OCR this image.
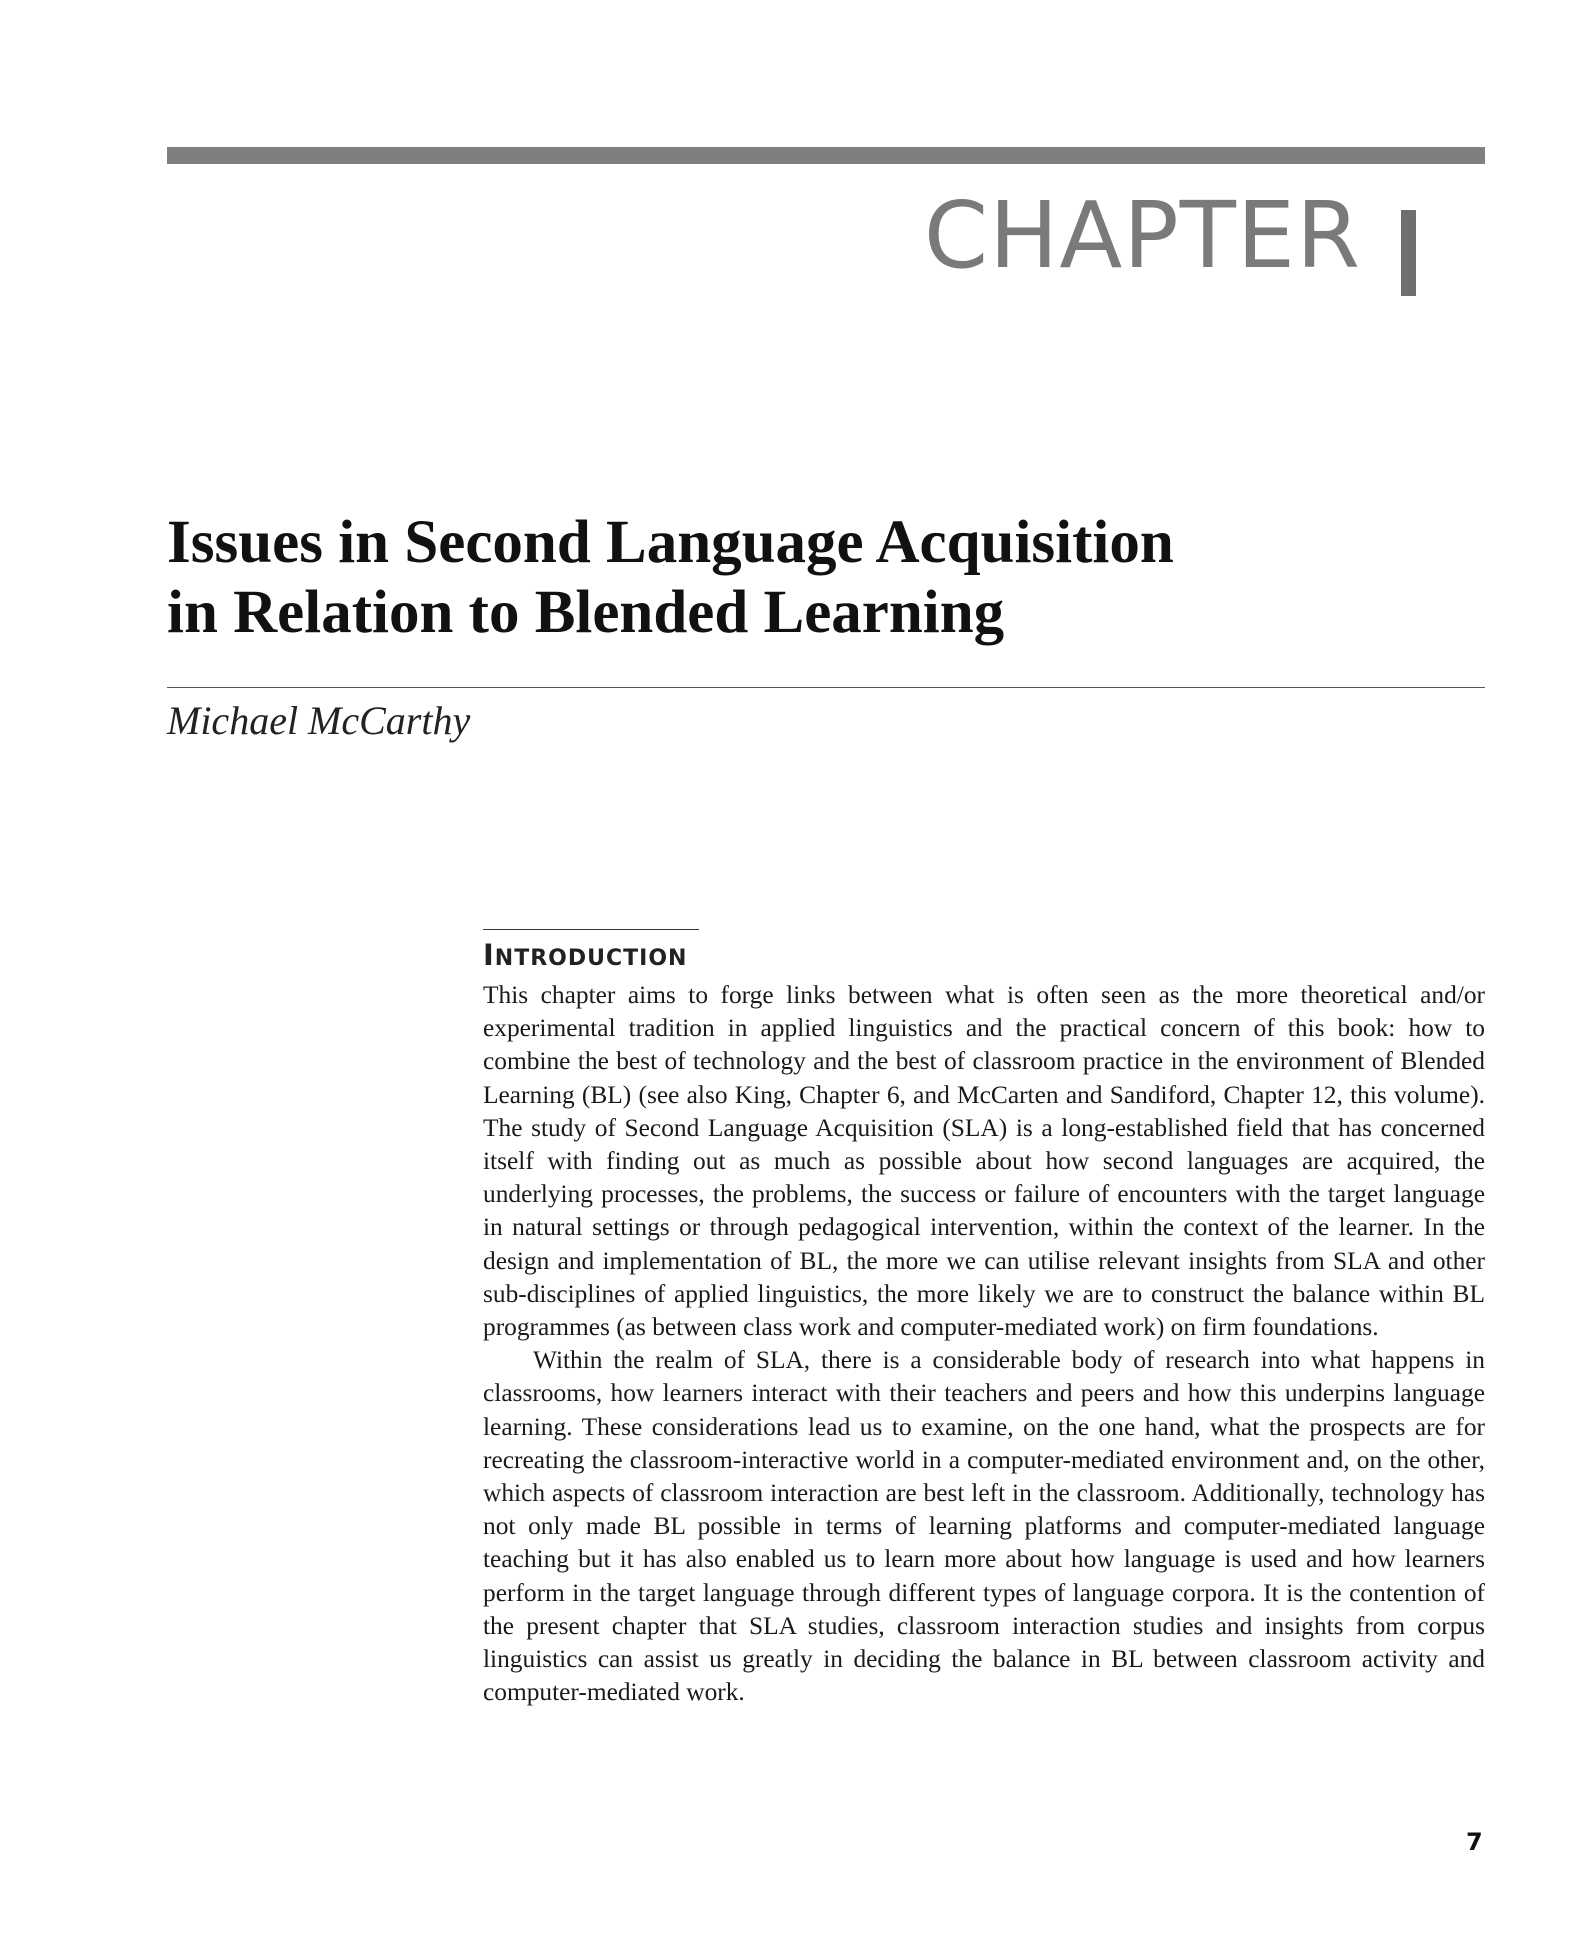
CHAPTER
Issues in Second Language Acquisition
in Relation to Blended Learning
Michael McCarthy
INTRODUCTION

This chapter aims to forge links between what is often seen as the more theoretical and/or experimental tradition in applied linguistics and the practical concern of this book: how to combine the best of technology and the best of classroom practice in the environment of Blended Learning (BL) (see also King, Chapter 6, and McCarten and Sandiford, Chapter 12, this volume). The study of Second Language Acquisition (SLA) is a long-established field that has concerned itself with finding out as much as possible about how second languages are acquired, the underlying processes, the problems, the success or failure of encounters with the target language in natural settings or through pedagogical intervention, within the context of the learner. In the design and implementation of BL, the more we can utilise relevant insights from SLA and other sub-disciplines of applied linguistics, the more likely we are to construct the balance within BL programmes (as between class work and computer-mediated work) on firm foundations.

Within the realm of SLA, there is a considerable body of research into what happens in classrooms, how learners interact with their teachers and peers and how this underpins language learning. These considerations lead us to examine, on the one hand, what the prospects are for recreating the classroom-interactive world in a computer-mediated environment and, on the other, which aspects of classroom interaction are best left in the classroom. Additionally, technology has not only made BL possible in terms of learning platforms and computer-mediated language teaching but it has also enabled us to learn more about how language is used and how learners perform in the target language through different types of language corpora. It is the contention of the present chapter that SLA studies, classroom interaction studies and insights from corpus linguistics can assist us greatly in deciding the balance in BL between classroom activity and computer-mediated work.

7
